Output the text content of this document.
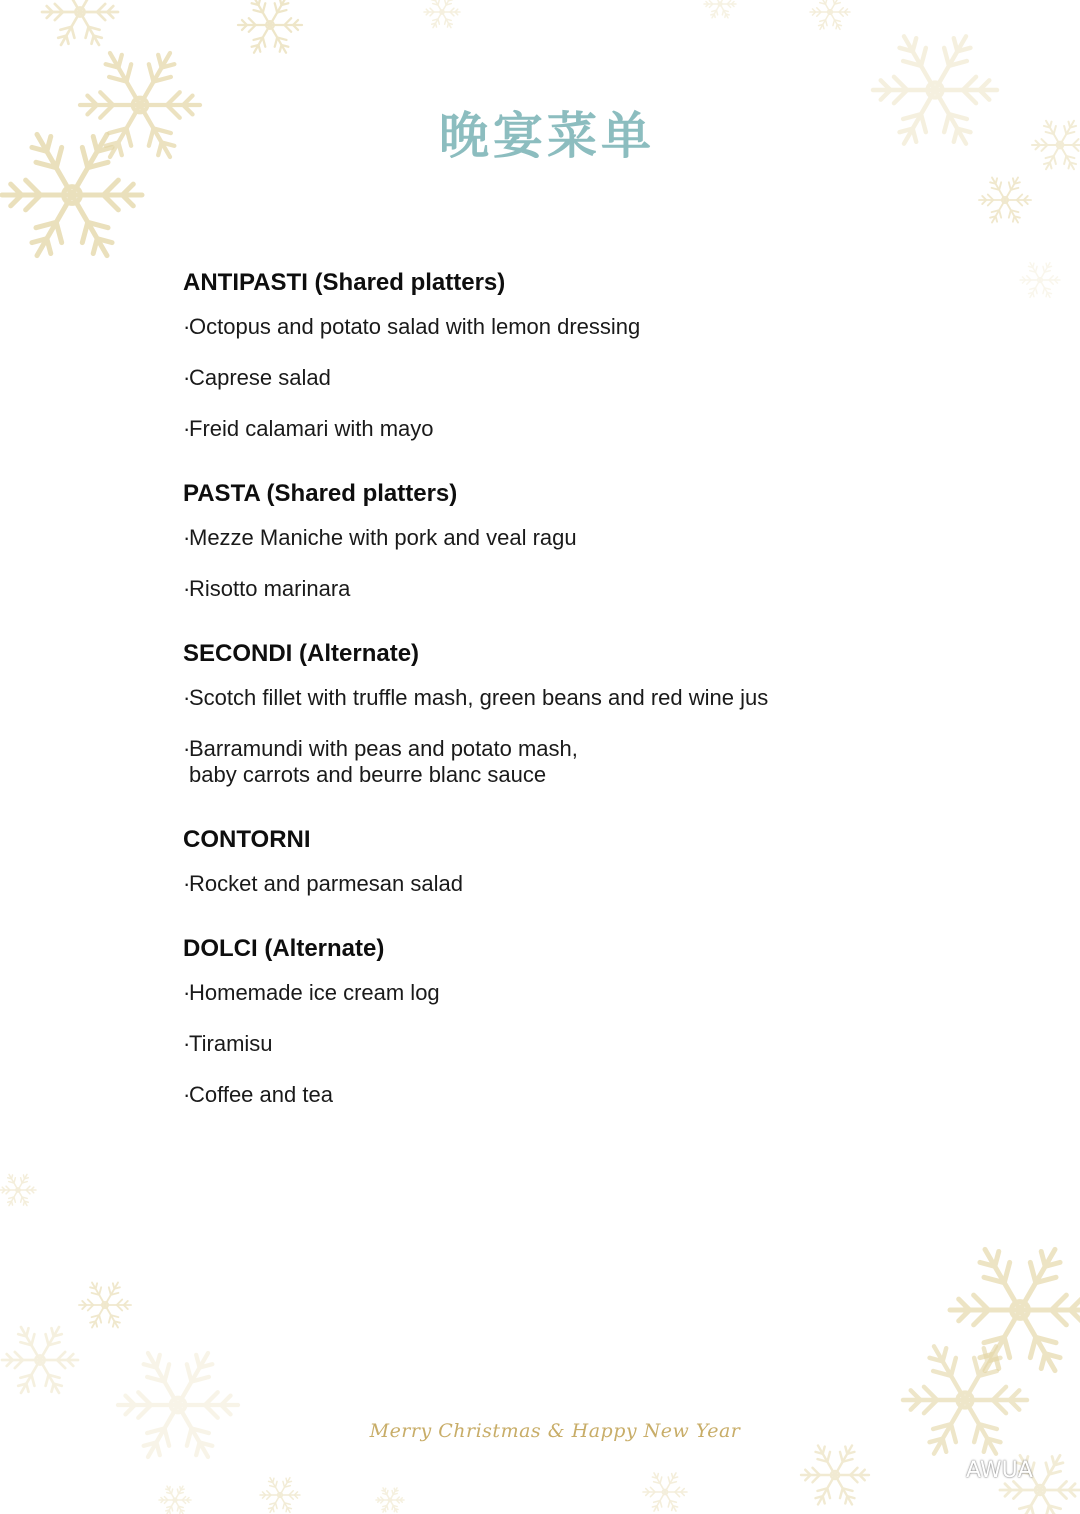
晚宴菜单
ANTIPASTI (Shared platters)
· Octopus and potato salad with lemon dressing
· Caprese salad
· Freid calamari with mayo
PASTA (Shared platters)
· Mezze Maniche with pork and veal ragu
· Risotto marinara
SECONDI (Alternate)
· Scotch fillet with truffle mash, green beans and red wine jus
· Barramundi with peas and potato mash,
baby carrots and beurre blanc sauce
CONTORNI
· Rocket and parmesan salad
DOLCI (Alternate)
· Homemade ice cream log
· Tiramisu
· Coffee and tea
Merry Christmas & Happy New Year
AWUA
